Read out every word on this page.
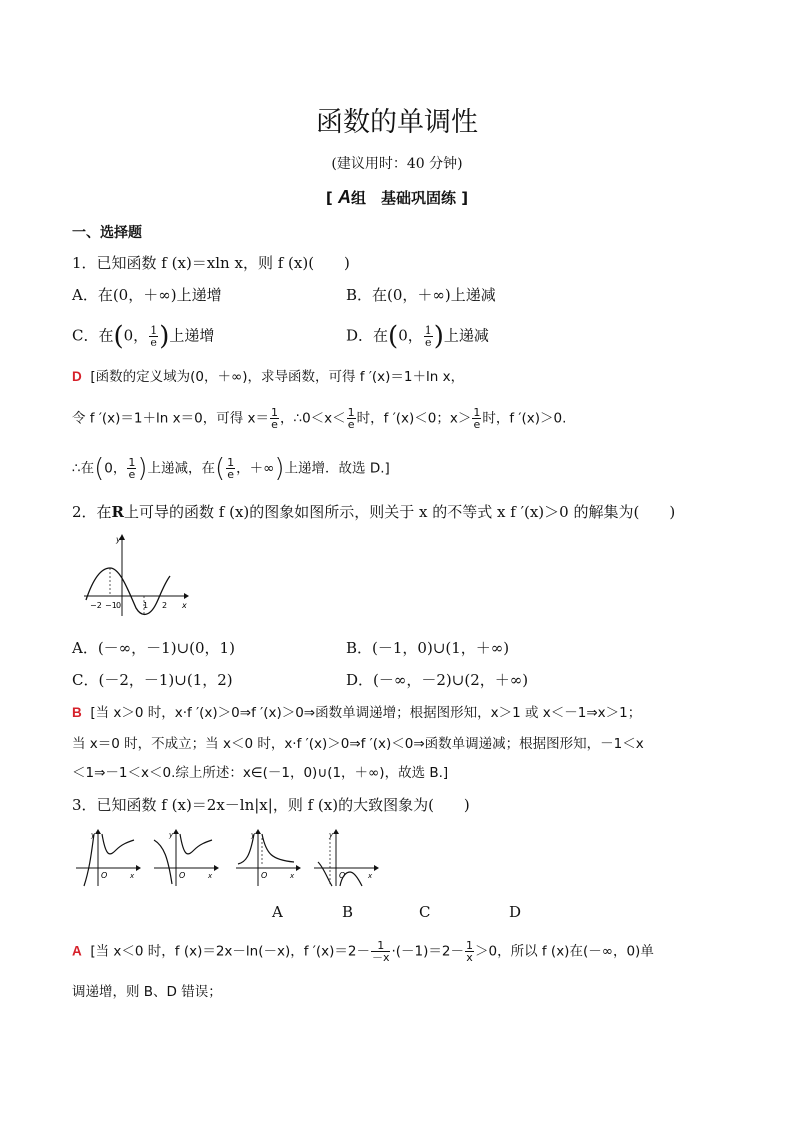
函数的单调性
(建议用时：40 分钟)
[ A组　基础巩固练 ]
一、选择题
1．已知函数 f (x)＝xln x，则 f (x)(　　)
A．在(0，＋∞)上递增	B．在(0，＋∞)上递减
C．在(0， $\frac{1}{e}$ )上递增	D．在(0， $\frac{1}{e}$ )上递减
D [函数的定义域为(0，＋∞)，求导函数，可得 f ′(x)＝1＋ln x，
令 f ′(x)＝1＋ln x＝0，可得 $x= \frac{1}{e}$ ，∴0＜x＜ $\frac{1}{e}$ 时，f ′(x)＜0；$x> \frac{1}{e}$ 时，f ′(x)＞0.
∴在(0， $\frac{1}{e}$ )上递减，在( $\frac{1}{e}$ ，＋∞)上递增．故选 D.]
2．在R上可导的函数 f (x)的图象如图所示，则关于 x 的不等式 x f ′(x)＞0 的解集为(　　)
y
x
−2 −1 0	1 2
A．(－∞，－1)∪(0，1)	B．(－1，0)∪(1，＋∞)
C．(－2，－1)∪(1，2)	D．(－∞，－2)∪(2，＋∞)
B [当 x＞0 时，x·f ′(x)＞0⇒f ′(x)＞0⇒函数单调递增；根据图形知，x＞1 或 x＜－1⇒x＞1；
当 x＝0 时，不成立；当 x＜0 时，x·f ′(x)＞0⇒f ′(x)＜0⇒函数单调递减；根据图形知，－1＜x
＜1⇒－1＜x＜0.综上所述：x∈(－1，0)∪(1，＋∞)，故选 B.]
3．已知函数 f (x)＝2x－ln|x|，则 f (x)的大致图象为(　　)
y
O	x
y
O	x
y
O	x
y
O	x
A	B	C	D
A [当 x＜0 时，f (x)＝2x－ln(－x)，f $'(x)=2- \frac{1}{-x} \cdot(-1)=2- \frac{1}{x} >0$，所以 f (x)在(－∞，0)单
调递增，则 B、D 错误；
